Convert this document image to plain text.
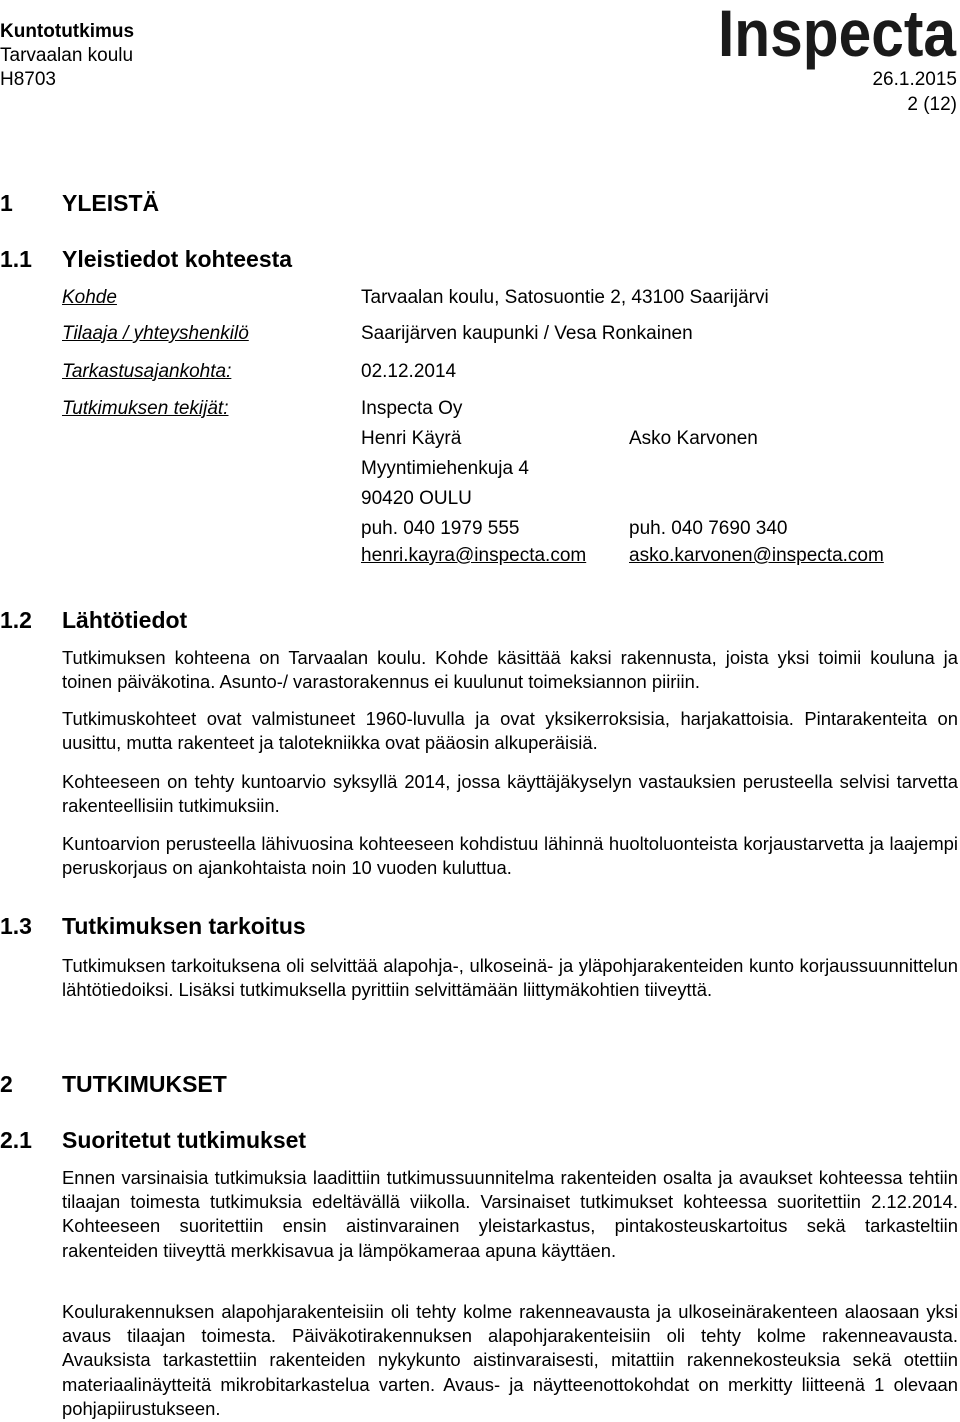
Kuntotutkimus
Tarvaalan koulu
H8703	26.1.2015
2 (12)
Inspecta
1 YLEISTÄ
1.1 Yleistiedot kohteesta
Kohde	Tarvaalan koulu, Satosuontie 2, 43100 Saarijärvi
Tilaaja / yhteyshenkilö	Saarijärven kaupunki / Vesa Ronkainen
Tarkastusajankohta:	02.12.2014
Tutkimuksen tekijät:	Inspecta Oy
Henri Käyrä	Asko Karvonen
Myyntimiehenkuja 4
90420 OULU
puh. 040 1979 555	puh. 040 7690 340
henri.kayra@inspecta.com asko.karvonen@inspecta.com
1.2 Lähtötiedot

Tutkimuksen kohteena on Tarvaalan koulu. Kohde käsittää kaksi rakennusta, joista yksi toimii kouluna ja toinen päiväkotina. Asunto-/ varastorakennus ei kuulunut toimeksiannon piiriin.

Tutkimuskohteet ovat valmistuneet 1960-luvulla ja ovat yksikerroksisia, harjakattoisia. Pintarakenteita on uusittu, mutta rakenteet ja talotekniikka ovat pääosin alkuperäisiä.

Kohteeseen on tehty kuntoarvio syksyllä 2014, jossa käyttäjäkyselyn vastauksien perusteella selvisi tarvetta rakenteellisiin tutkimuksiin.

Kuntoarvion perusteella lähivuosina kohteeseen kohdistuu lähinnä huoltoluonteista korjaustarvetta ja laajempi peruskorjaus on ajankohtaista noin 10 vuoden kuluttua.

1.3 Tutkimuksen tarkoitus

Tutkimuksen tarkoituksena oli selvittää alapohja-, ulkoseinä- ja yläpohjarakenteiden kunto korjaussuunnittelun lähtötiedoiksi. Lisäksi tutkimuksella pyrittiin selvittämään liittymäkohtien tiiveyttä.

2 TUTKIMUKSET
2.1 Suoritetut tutkimukset

Ennen varsinaisia tutkimuksia laadittiin tutkimussuunnitelma rakenteiden osalta ja avaukset kohteessa tehtiin tilaajan toimesta tutkimuksia edeltävällä viikolla. Varsinaiset tutkimukset kohteessa suoritettiin 2.12.2014. Kohteeseen suoritettiin ensin aistinvarainen yleistarkastus, pintakosteuskartoitus sekä tarkasteltiin rakenteiden tiiveyttä merkkisavua ja lämpökameraa apuna käyttäen.

Koulurakennuksen alapohjarakenteisiin oli tehty kolme rakenneavausta ja ulkoseinärakenteen alaosaan yksi avaus tilaajan toimesta. Päiväkotirakennuksen alapohjarakenteisiin oli tehty kolme rakenneavausta. Avauksista tarkastettiin rakenteiden nykykunto aistinvaraisesti, mitattiin rakennekosteuksia sekä otettiin materiaalinäytteitä mikrobitarkastelua varten. Avaus- ja näytteenottokohdat on merkitty liitteenä 1 olevaan pohjapiirustukseen.
